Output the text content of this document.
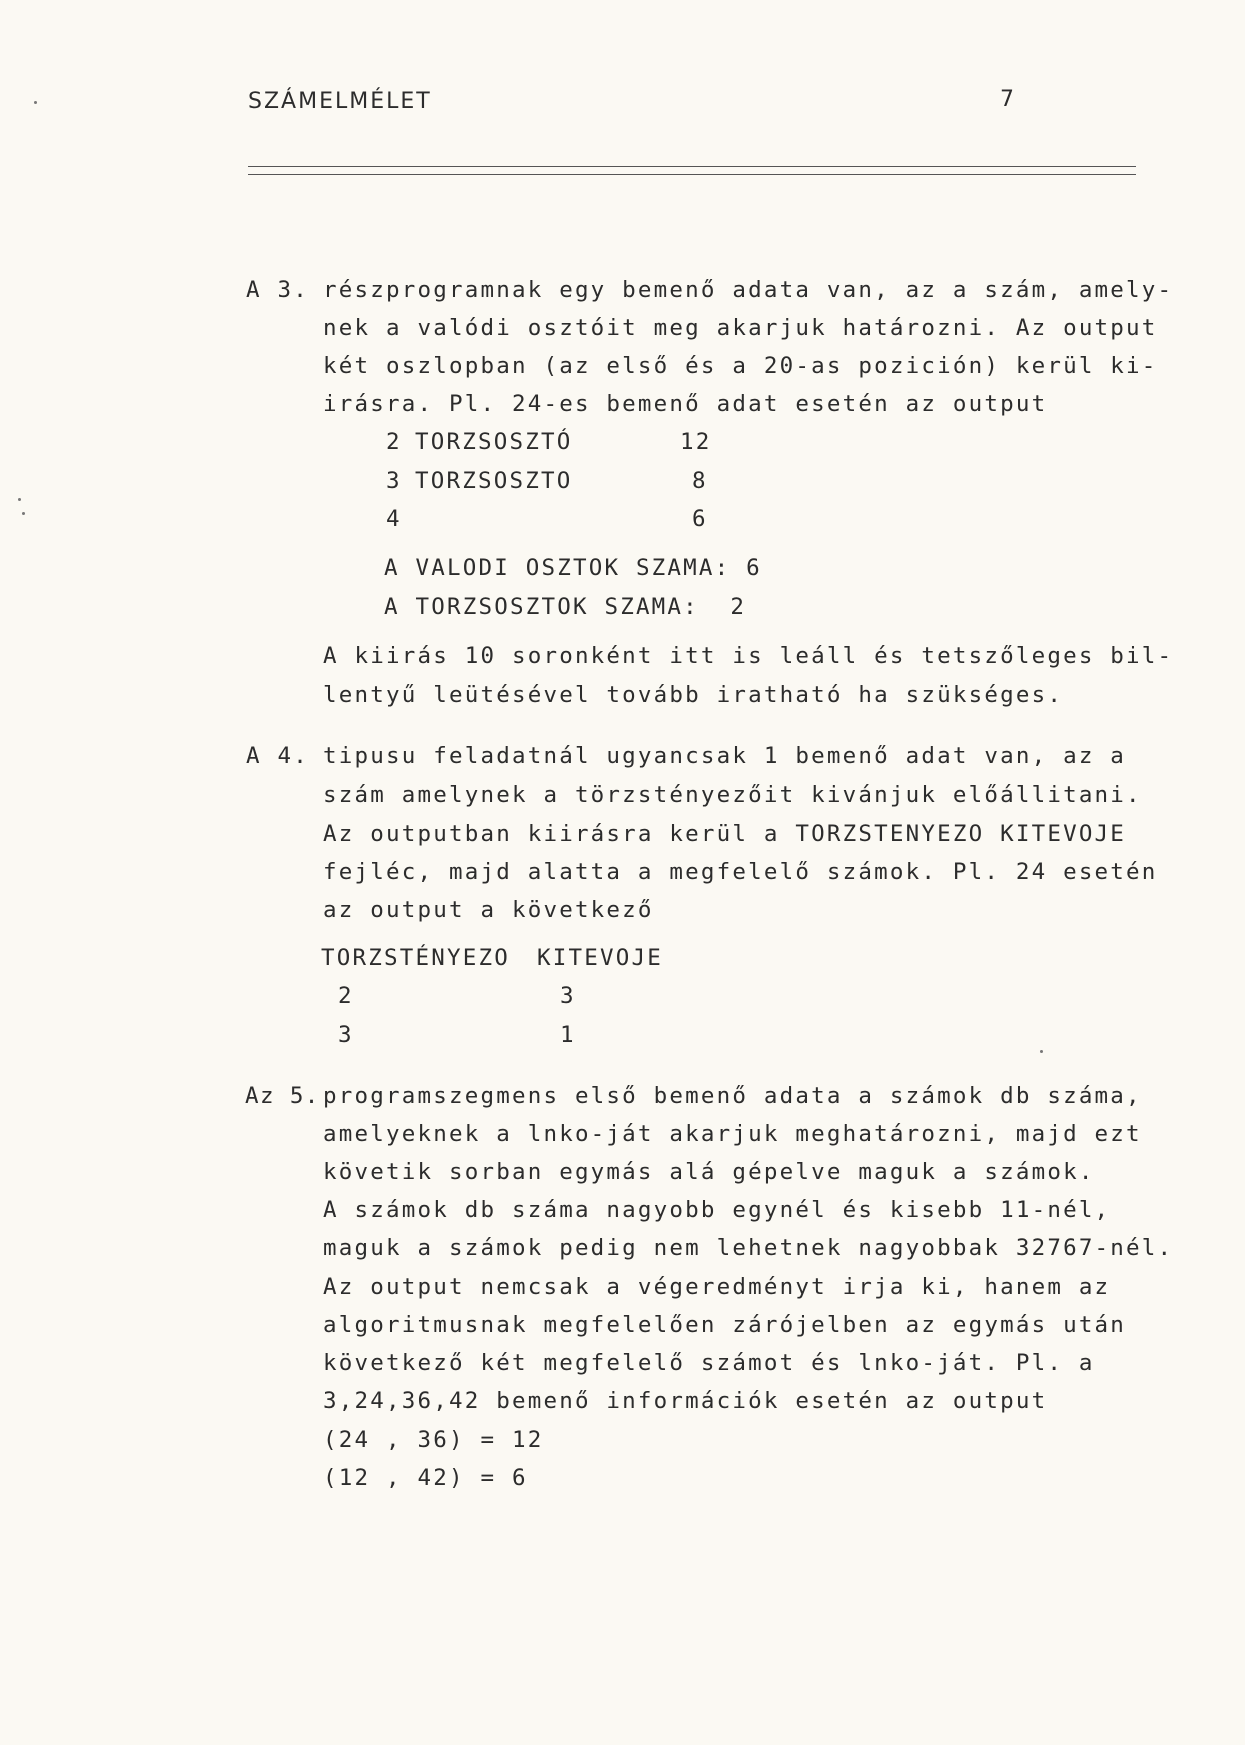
SZÁMELMÉLET	7
A 3. részprogramnak egy bemenő adata van, az a szám, amely-
nek a valódi osztóit meg akarjuk határozni. Az output
két oszlopban (az első és a 20-as pozición) kerül ki-
irásra. Pl. 24-es bemenő adat esetén az output
2 TORZSOSZTÓ	12
3 TORZSOSZTO	8
4	6
A VALODI OSZTOK SZAMA: 6
A TORZSOSZTOK SZAMA:  2
A kiirás 10 soronként itt is leáll és tetszőleges bil-
lentyű leütésével tovább iratható ha szükséges.
A 4. tipusu feladatnál ugyancsak 1 bemenő adat van, az a
szám amelynek a törzstényezőit kivánjuk előállitani.
Az outputban kiirásra kerül a TORZSTENYEZO KITEVOJE
fejléc, majd alatta a megfelelő számok. Pl. 24 esetén
az output a következő
TORZSTÉNYEZO KITEVOJE
2	3
3	1
Az 5. programszegmens első bemenő adata a számok db száma,
amelyeknek a lnko-ját akarjuk meghatározni, majd ezt
követik sorban egymás alá gépelve maguk a számok.
A számok db száma nagyobb egynél és kisebb 11-nél,
maguk a számok pedig nem lehetnek nagyobbak 32767-nél.
Az output nemcsak a végeredményt irja ki, hanem az
algoritmusnak megfelelően zárójelben az egymás után
következő két megfelelő számot és lnko-ját. Pl. a
3,24,36,42 bemenő információk esetén az output
(24 , 36) = 12
(12 , 42) = 6
